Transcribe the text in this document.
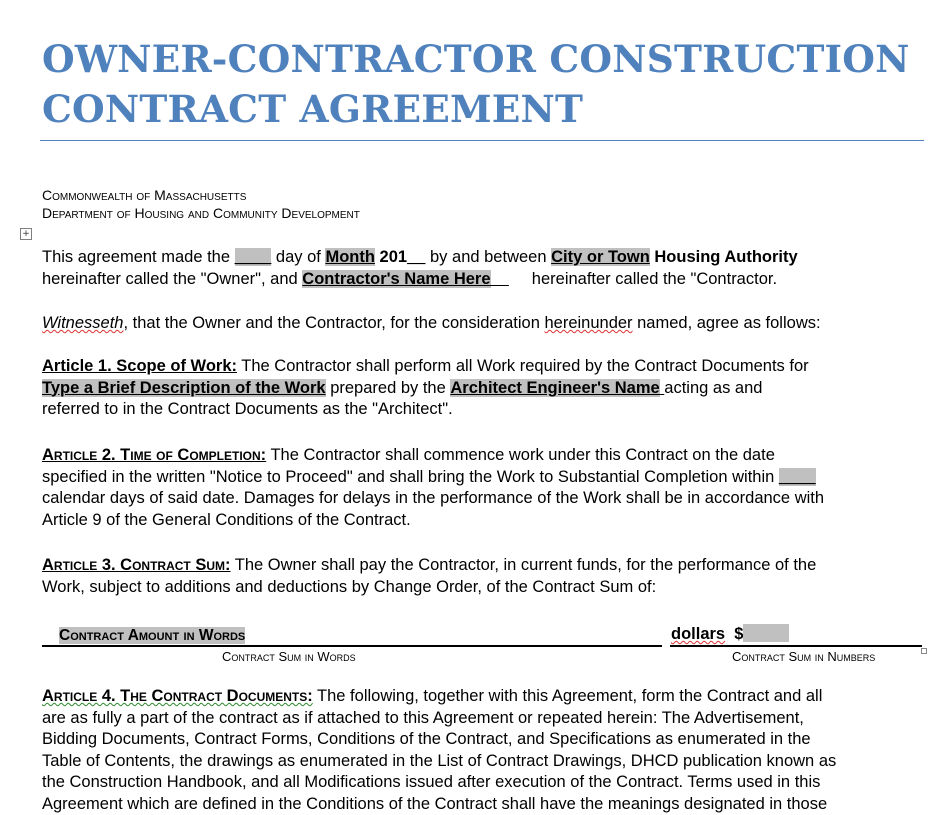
OWNER-CONTRACTOR CONSTRUCTION
CONTRACT AGREEMENT
Commonwealth of Massachusetts
Department of Housing and Community Development
+
This agreement made the ____ day of Month 201__ by and between City or Town Housing Authority
hereinafter called the "Owner", and Contractor's Name Here	hereinafter called the "Contractor.
Witnesseth, that the Owner and the Contractor, for the consideration hereinunder named, agree as follows:
Article 1. Scope of Work: The Contractor shall perform all Work required by the Contract Documents for
Type a Brief Description of the Work prepared by the Architect Engineer's Name acting as and
referred to in the Contract Documents as the "Architect".
Article 2. Time of Completion: The Contractor shall commence work under this Contract on the date
specified in the written "Notice to Proceed" and shall bring the Work to Substantial Completion within ____
calendar days of said date. Damages for delays in the performance of the Work shall be in accordance with
Article 9 of the General Conditions of the Contract.
Article 3. Contract Sum: The Owner shall pay the Contractor, in current funds, for the performance of the
Work, subject to additions and deductions by Change Order, of the Contract Sum of:
Contract Amount in Words	dollars $
Contract Sum in Words	Contract Sum in Numbers
Article 4. The Contract Documents: The following, together with this Agreement, form the Contract and all
are as fully a part of the contract as if attached to this Agreement or repeated herein: The Advertisement,
Bidding Documents, Contract Forms, Conditions of the Contract, and Specifications as enumerated in the
Table of Contents, the drawings as enumerated in the List of Contract Drawings, DHCD publication known as
the Construction Handbook, and all Modifications issued after execution of the Contract. Terms used in this
Agreement which are defined in the Conditions of the Contract shall have the meanings designated in those
